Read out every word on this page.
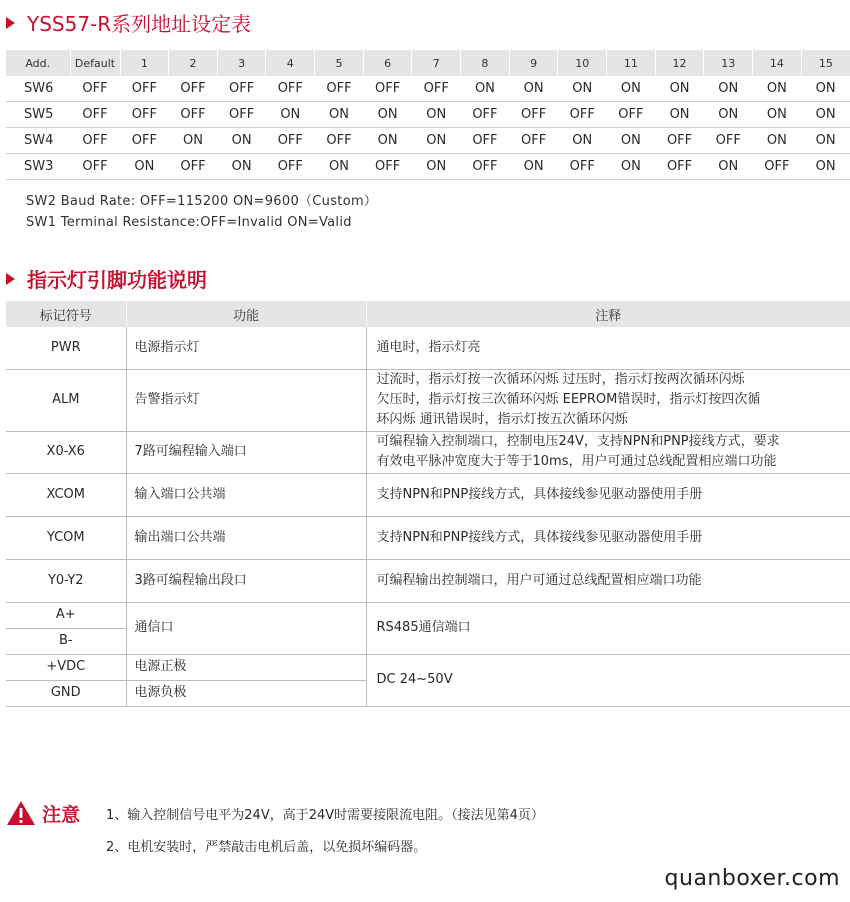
YSS57-R系列地址设定表
Add.	Default	1	2	3	4	5	6	7	8	9	10	11	12	13	14	15
SW6	OFF	OFF	OFF	OFF	OFF	OFF	OFF	OFF	ON	ON	ON	ON	ON	ON	ON	ON
SW5	OFF	OFF	OFF	OFF	ON	ON	ON	ON	OFF	OFF	OFF	OFF	ON	ON	ON	ON
SW4	OFF	OFF	ON	ON	OFF	OFF	ON	ON	OFF	OFF	ON	ON	OFF	OFF	ON	ON
SW3	OFF	ON	OFF	ON	OFF	ON	OFF	ON	OFF	ON	OFF	ON	OFF	ON	OFF	ON
SW2 Baud Rate: OFF=115200 ON=9600（Custom）
SW1 Terminal Resistance:OFF=Invalid ON=Valid
指示灯引脚功能说明
标记符号	功能	注释
PWR	电源指示灯	通电时，指示灯亮

ALM	告警指示灯	过流时，指示灯按一次循环闪烁 过压时，指示灯按两次循环闪烁
欠压时，指示灯按三次循环闪烁 EEPROM错误时，指示灯按四次循
环闪烁 通讯错误时，指示灯按五次循环闪烁

X0-X6	7路可编程输入端口	可编程输入控制端口，控制电压24V，支持NPN和PNP接线方式，要求
有效电平脉冲宽度大于等于10ms，用户可通过总线配置相应端口功能

XCOM	输入端口公共端	支持NPN和PNP接线方式，具体接线参见驱动器使用手册

YCOM	输出端口公共端	支持NPN和PNP接线方式，具体接线参见驱动器使用手册

Y0-Y2	3路可编程输出段口	可编程输出控制端口，用户可通过总线配置相应端口功能

A+	通信口	RS485通信端口
B-		
+VDC	电源正极	DC 24~50V
GND	电源负极	
注意 1、输入控制信号电平为24V，高于24V时需要接限流电阻。（接法见第4页）
2、电机安装时，严禁敲击电机后盖，以免损坏编码器。
quanboxer.com
